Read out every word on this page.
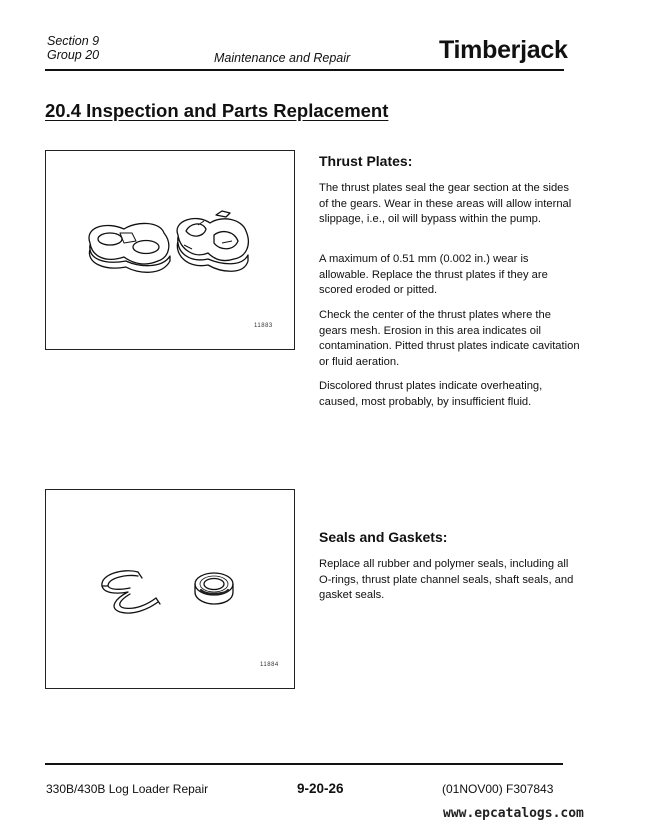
Section 9
Group 20	Maintenance and Repair	Timberjack
20.4 Inspection and Parts Replacement
11883
11884
Thrust Plates:
The thrust plates seal the gear section at the sides of the gears. Wear in these areas will allow internal slippage, i.e., oil will bypass within the pump.
A maximum of 0.51 mm (0.002 in.) wear is allowable. Replace the thrust plates if they are scored eroded or pitted.
Check the center of the thrust plates where the gears mesh. Erosion in this area indicates oil contamination. Pitted thrust plates indicate cavitation or fluid aeration.
Discolored thrust plates indicate overheating, caused, most probably, by insufficient fluid.
Seals and Gaskets:
Replace all rubber and polymer seals, including all O-rings, thrust plate channel seals, shaft seals, and gasket seals.
330B/430B Log Loader Repair	9-20-26	(01NOV00) F307843
www.epcatalogs.com
